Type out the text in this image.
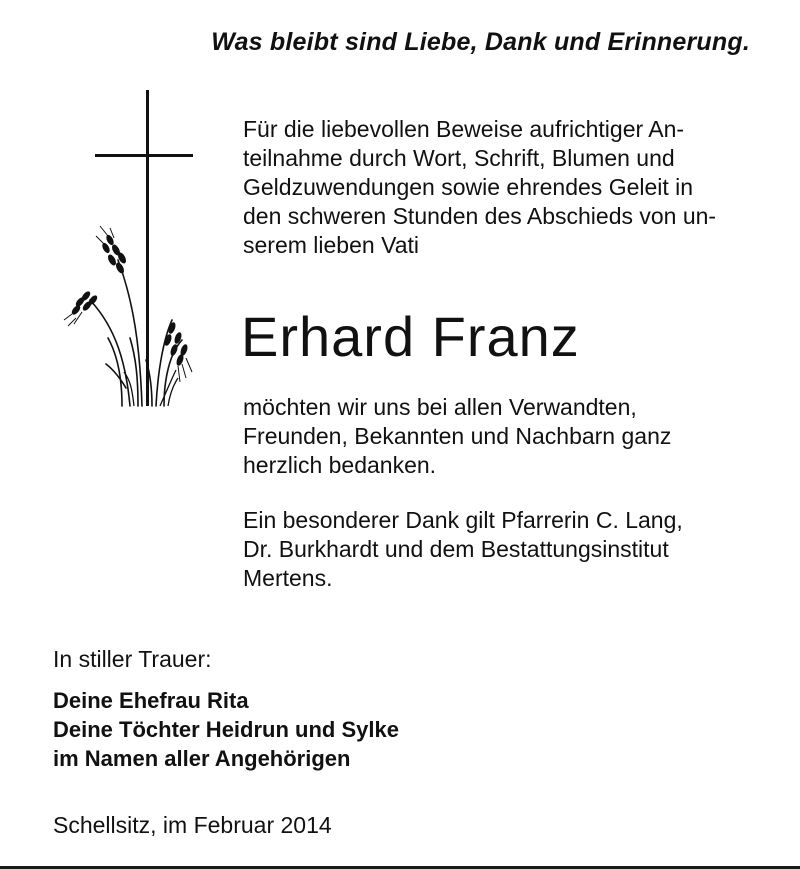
Was bleibt sind Liebe, Dank und Erinnerung.
Für die liebevollen Beweise aufrichtiger An-
teilnahme durch Wort, Schrift, Blumen und
Geldzuwendungen sowie ehrendes Geleit in
den schweren Stunden des Abschieds von un-
serem lieben Vati
Erhard Franz
möchten wir uns bei allen Verwandten,
Freunden, Bekannten und Nachbarn ganz
herzlich bedanken.
Ein besonderer Dank gilt Pfarrerin C. Lang,
Dr. Burkhardt und dem Bestattungsinstitut
Mertens.
In stiller Trauer:
Deine Ehefrau Rita
Deine Töchter Heidrun und Sylke
im Namen aller Angehörigen
Schellsitz, im Februar 2014
